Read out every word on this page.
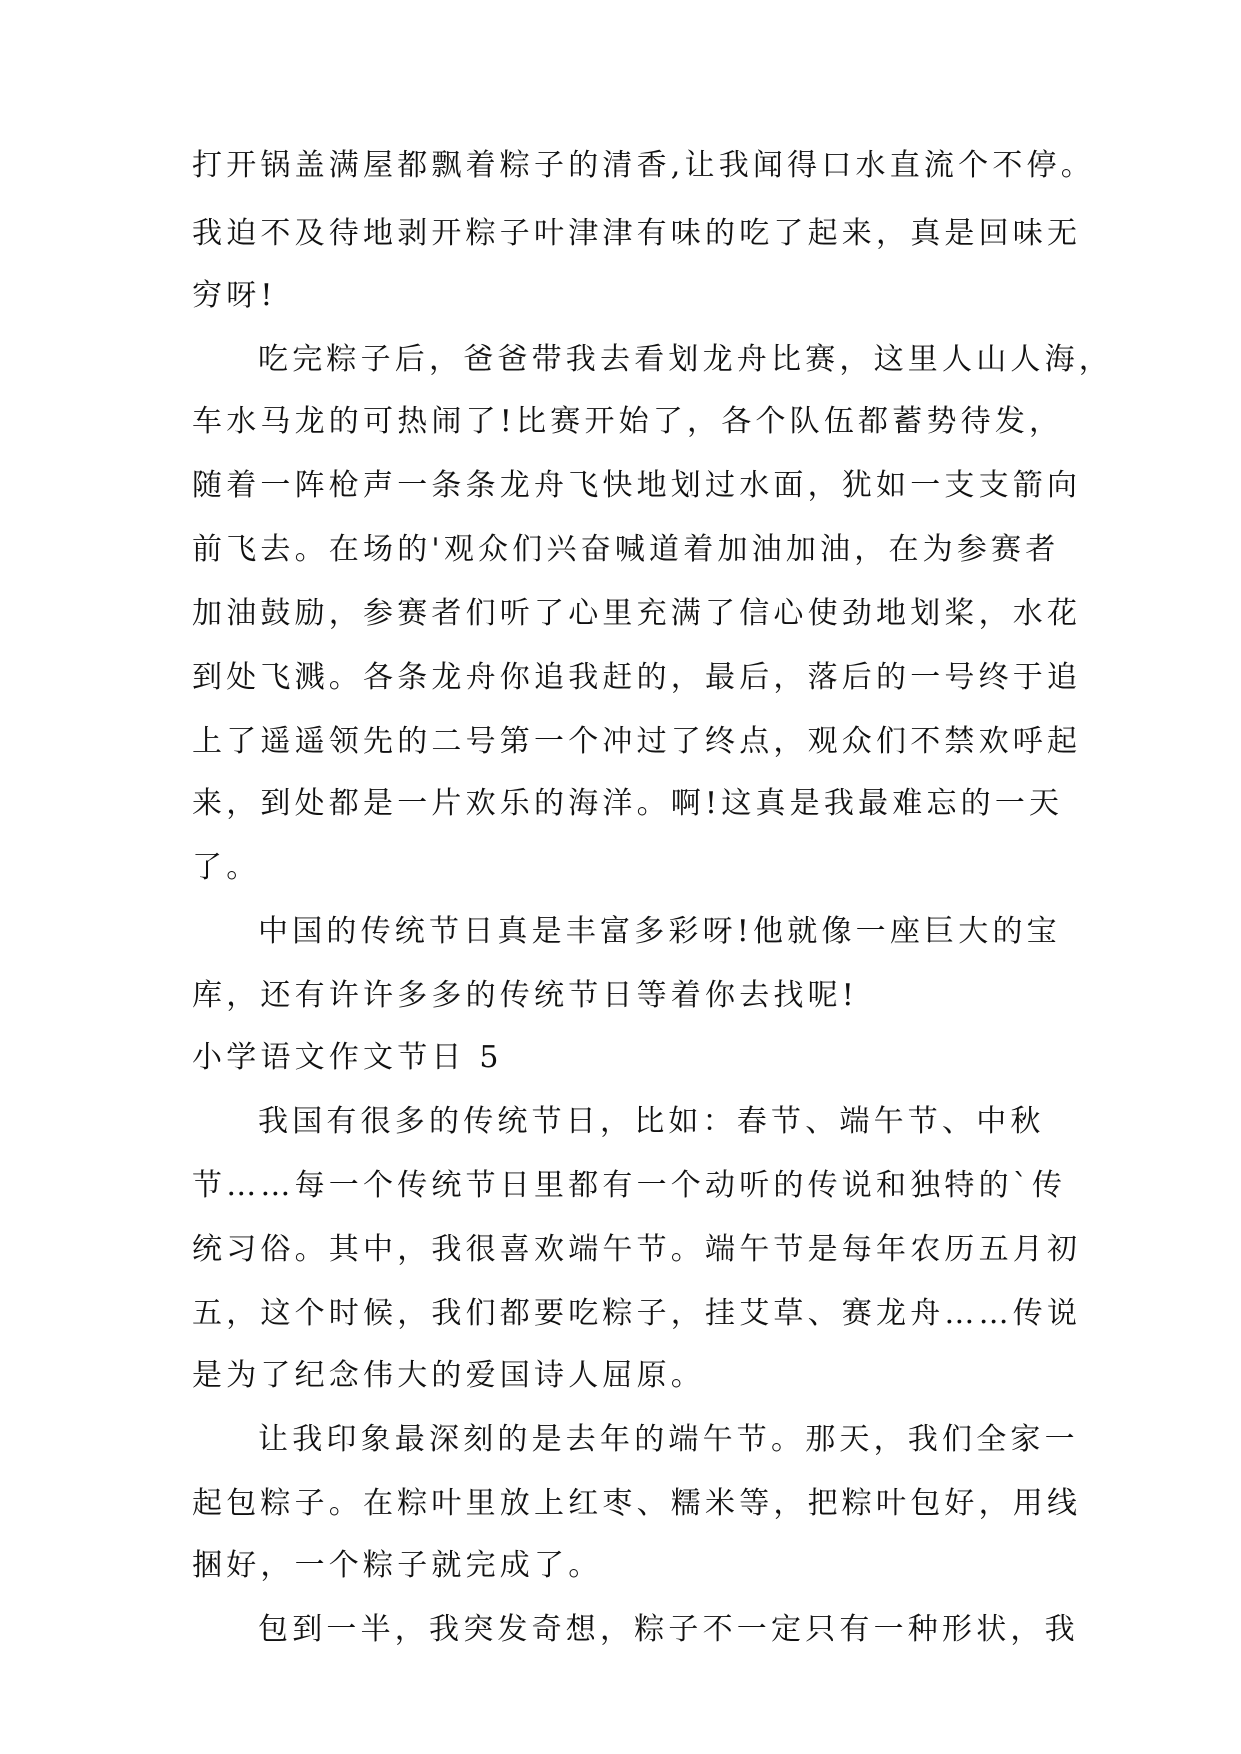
打开锅盖满屋都飘着粽子的清香,让我闻得口水直流个不停。
我迫不及待地剥开粽子叶津津有味的吃了起来，真是回味无
穷呀!
吃完粽子后，爸爸带我去看划龙舟比赛，这里人山人海，
车水马龙的可热闹了!比赛开始了，各个队伍都蓄势待发，
随着一阵枪声一条条龙舟飞快地划过水面，犹如一支支箭向
前飞去。在场的'观众们兴奋喊道着加油加油，在为参赛者
加油鼓励，参赛者们听了心里充满了信心使劲地划桨，水花
到处飞溅。各条龙舟你追我赶的，最后，落后的一号终于追
上了遥遥领先的二号第一个冲过了终点，观众们不禁欢呼起
来，到处都是一片欢乐的海洋。啊!这真是我最难忘的一天
了。
中国的传统节日真是丰富多彩呀!他就像一座巨大的宝
库，还有许许多多的传统节日等着你去找呢!
小学语文作文节日 5
我国有很多的传统节日，比如：春节、端午节、中秋
节……每一个传统节日里都有一个动听的传说和独特的`传
统习俗。其中，我很喜欢端午节。端午节是每年农历五月初
五，这个时候，我们都要吃粽子，挂艾草、赛龙舟……传说
是为了纪念伟大的爱国诗人屈原。
让我印象最深刻的是去年的端午节。那天，我们全家一
起包粽子。在粽叶里放上红枣、糯米等，把粽叶包好，用线
捆好，一个粽子就完成了。
包到一半，我突发奇想，粽子不一定只有一种形状，我
